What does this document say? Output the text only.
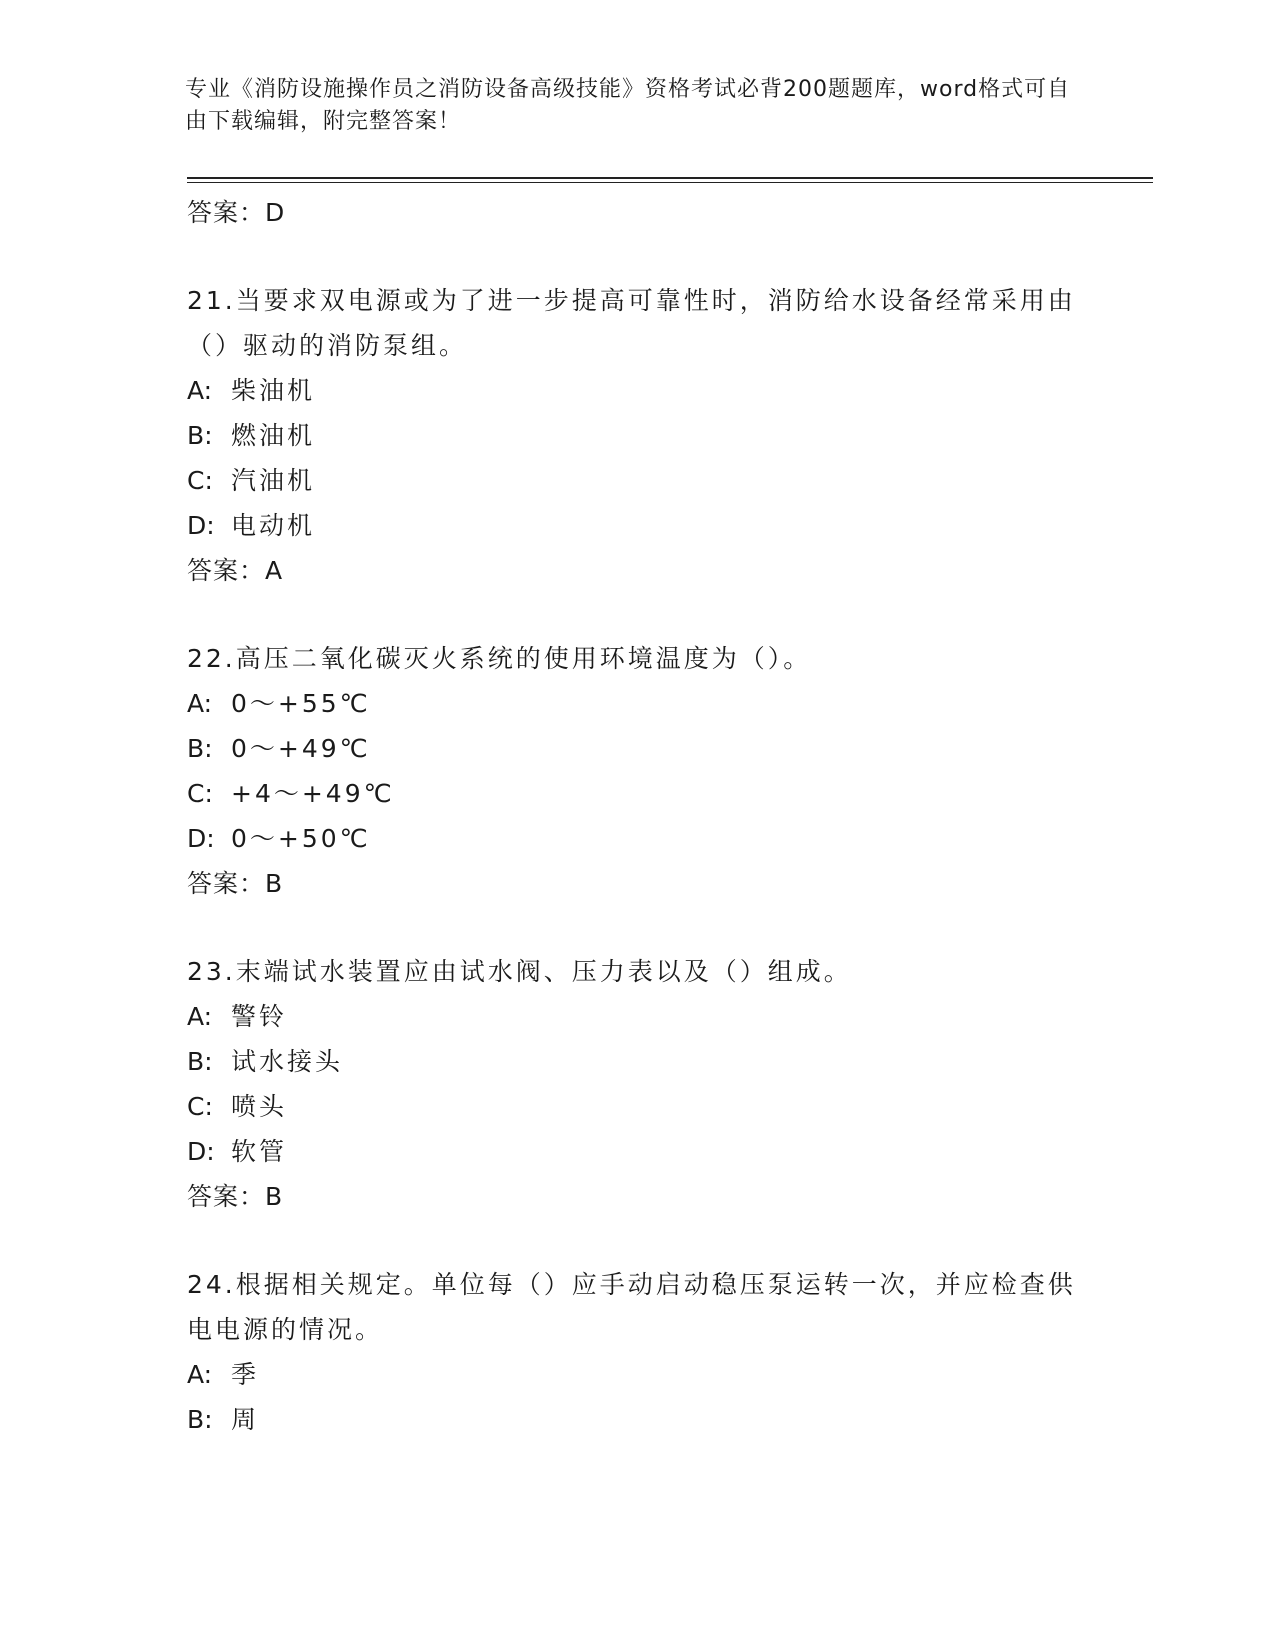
专业《消防设施操作员之消防设备高级技能》资格考试必背200题题库，word格式可自由下载编辑，附完整答案！
答案：D
21.当要求双电源或为了进一步提高可靠性时，消防给水设备经常采用由（）驱动的消防泵组。
A: 柴油机
B: 燃油机
C: 汽油机
D: 电动机
答案：A
22.高压二氧化碳灭火系统的使用环境温度为（）。
A: 0～+55℃
B: 0～+49℃
C: +4～+49℃
D: 0～+50℃
答案：B
23.末端试水装置应由试水阀、压力表以及（）组成。
A: 警铃
B: 试水接头
C: 喷头
D: 软管
答案：B
24.根据相关规定。单位每（）应手动启动稳压泵运转一次，并应检查供电电源的情况。
A: 季
B: 周
